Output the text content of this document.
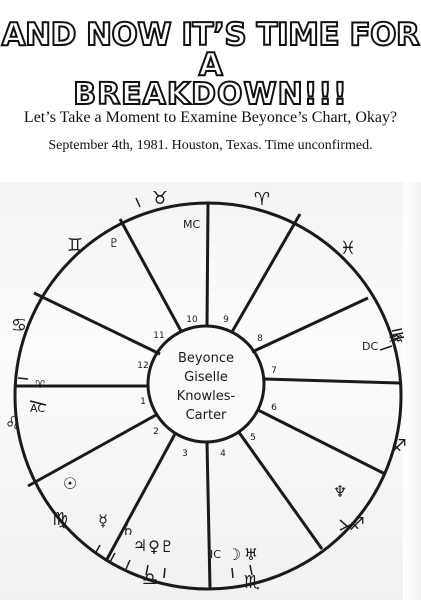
AND NOW IT’S TIME FOR A
BREAKDOWN!!!
Let’s Take a Moment to Examine Beyonce’s Chart, Okay?
September 4th, 1981. Houston, Texas. Time unconfirmed.
Beyonce
Giselle
Knowles-
Carter
1
2
3	4
5
6
7
8
9
10
11
12
MC
DC
AC
IC
♉	♈
♊	♓
♋
♒
♌
♐
♍	♐
♎	♏
♈
♇
☉
☿ ♄
♃ ♀ ♇	☽ ♅
♆
